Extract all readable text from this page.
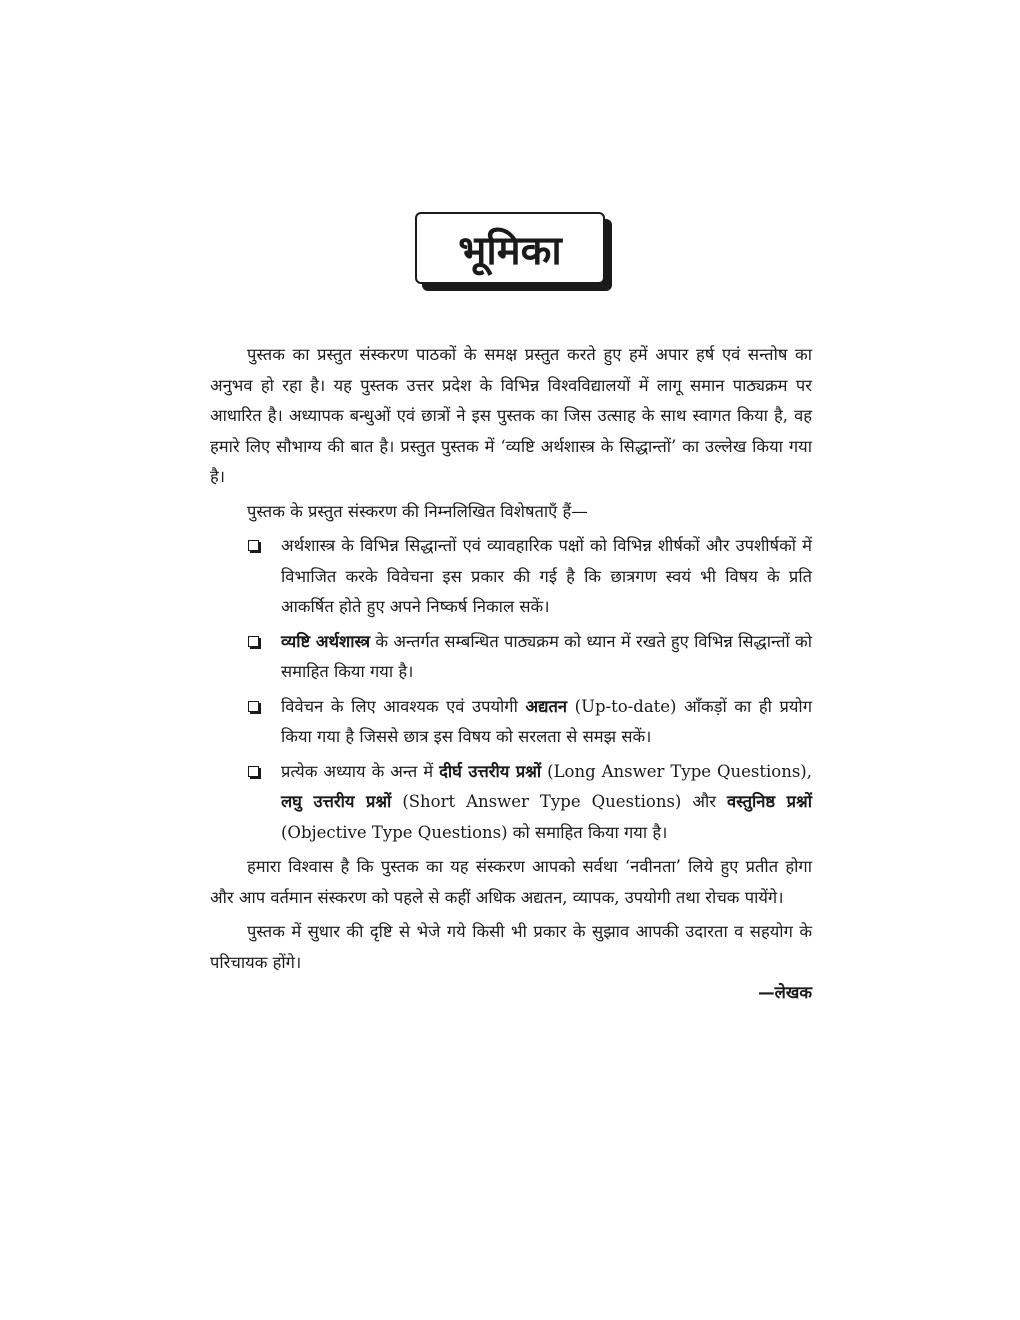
भूमिका

पुस्तक का प्रस्तुत संस्करण पाठकों के समक्ष प्रस्तुत करते हुए हमें अपार हर्ष एवं सन्तोष का अनुभव हो रहा है। यह पुस्तक उत्तर प्रदेश के विभिन्न विश्वविद्यालयों में लागू समान पाठ्यक्रम पर आधारित है। अध्यापक बन्धुओं एवं छात्रों ने इस पुस्तक का जिस उत्साह के साथ स्वागत किया है, वह हमारे लिए सौभाग्य की बात है। प्रस्तुत पुस्तक में ‘व्यष्टि अर्थशास्त्र के सिद्धान्तों’ का उल्लेख किया गया है।

पुस्तक के प्रस्तुत संस्करण की निम्नलिखित विशेषताएँ हैं—

अर्थशास्त्र के विभिन्न सिद्धान्तों एवं व्यावहारिक पक्षों को विभिन्न शीर्षकों और उपशीर्षकों में विभाजित करके विवेचना इस प्रकार की गई है कि छात्रगण स्वयं भी विषय के प्रति आकर्षित होते हुए अपने निष्कर्ष निकाल सकें।
व्यष्टि अर्थशास्त्र के अन्तर्गत सम्बन्धित पाठ्यक्रम को ध्यान में रखते हुए विभिन्न सिद्धान्तों को समाहित किया गया है।
विवेचन के लिए आवश्यक एवं उपयोगी अद्यतन (Up-to-date) आँकड़ों का ही प्रयोग किया गया है जिससे छात्र इस विषय को सरलता से समझ सकें।
प्रत्येक अध्याय के अन्त में दीर्घ उत्तरीय प्रश्नों (Long Answer Type Questions), लघु उत्तरीय प्रश्नों (Short Answer Type Questions) और वस्तुनिष्ठ प्रश्नों (Objective Type Questions) को समाहित किया गया है।

हमारा विश्वास है कि पुस्तक का यह संस्करण आपको सर्वथा ‘नवीनता’ लिये हुए प्रतीत होगा और आप वर्तमान संस्करण को पहले से कहीं अधिक अद्यतन, व्यापक, उपयोगी तथा रोचक पायेंगे।

पुस्तक में सुधार की दृष्टि से भेजे गये किसी भी प्रकार के सुझाव आपकी उदारता व सहयोग के परिचायक होंगे।

—लेखक
